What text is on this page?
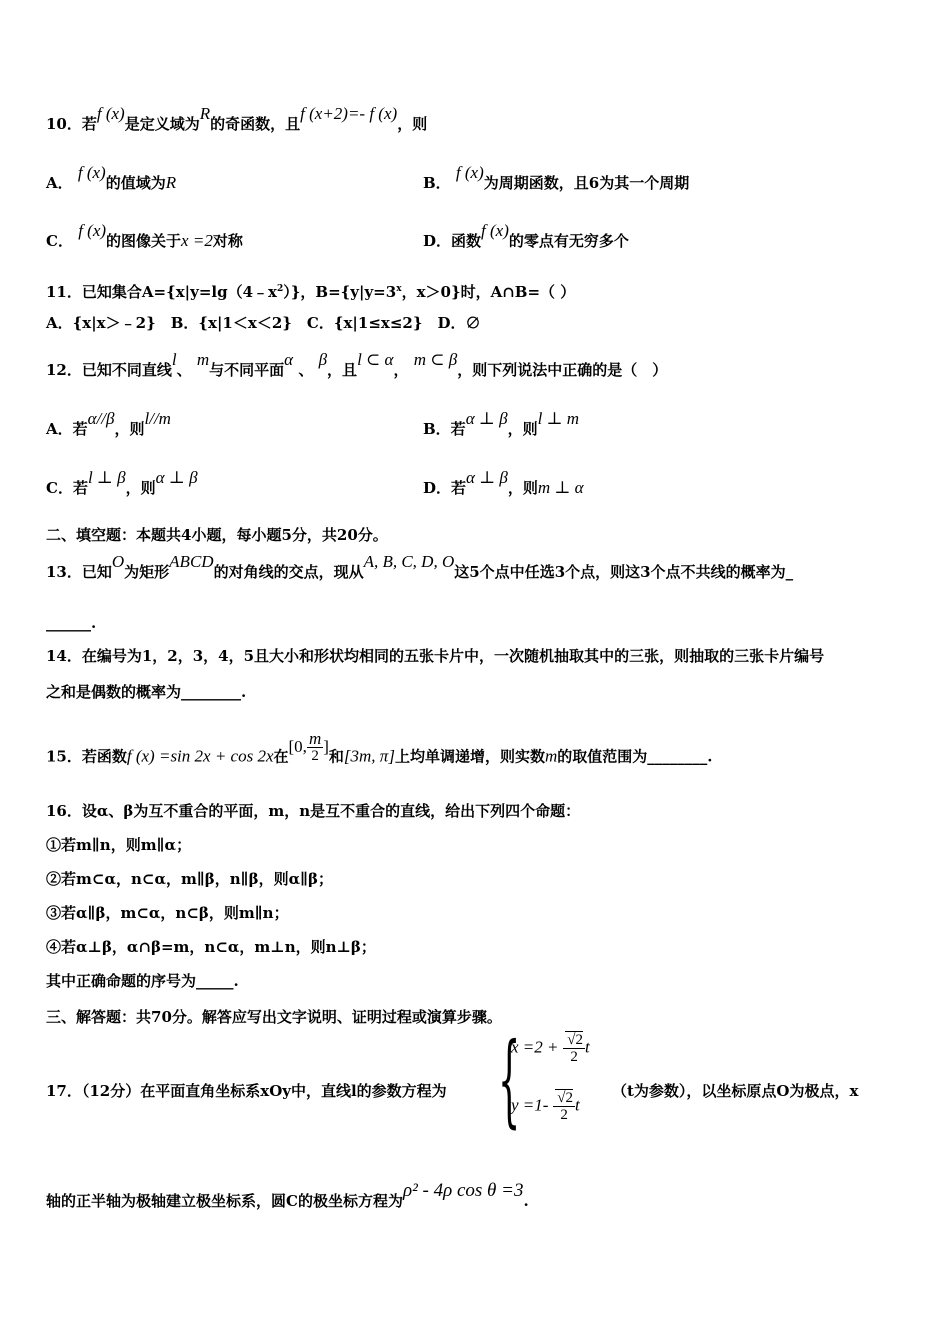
10．若f (x)是定义域为R的奇函数，且f (x+2)=- f (x)，则
A． f (x)的值域为R	B． f (x)为周期函数，且6为其一个周期
C． f (x)的图像关于x =2对称	D．函数f (x)的零点有无穷多个
11．已知集合$A=\{x|y=\lg(4﹣x^2)\}$，$B=\{y|y=3^x$，x＞0}时，A∩B=（ ）
A．{x|x＞﹣2}　B．{x|1＜x＜2}　C．{x|1≤x≤2}　D．∅
12．已知不同直线l、 m与不同平面α 、 β，且l ⊂ α， m ⊂ β，则下列说法中正确的是（　）
A．若α//β，则l//m
B．若α ⊥ β，则l ⊥ m
C．若l ⊥ β，则α ⊥ β
D．若α ⊥ β，则m ⊥ α
二、填空题：本题共4小题，每小题5分，共20分。
13．已知O为矩形ABCD的对角线的交点，现从A, B, C, D, O这5个点中任选3个点，则这3个点不共线的概率为_
______.
14．在编号为1，2，3，4，5且大小和形状均相同的五张卡片中，一次随机抽取其中的三张，则抽取的三张卡片编号
之和是偶数的概率为________.
15．若函数f (x) =sin 2x + cos 2x在[0, $\frac{m}{2}$ ]和[3m, π]上均单调递增，则实数m的取值范围为________.
16．设α、β为互不重合的平面，m，n是互不重合的直线，给出下列四个命题：
①若m∥n，则m∥α；
②若m⊂α，n⊂α，m∥β，n∥β，则α∥β；
③若α∥β，m⊂α，n⊂β，则m∥n；
④若α⊥β，α∩β=m，n⊂α，m⊥n，则n⊥β；
其中正确命题的序号为_____.
三、解答题：共70分。解答应写出文字说明、证明过程或演算步骤。
17．（12分）在平面直角坐标系xOy中，直线l的参数方程为 {
$x =2 + \frac{√2}{2}$ t
$y =1- \frac{√2}{2}$ t
（t为参数），以坐标原点O为极点，x
轴的正半轴为极轴建立极坐标系，圆C的极坐标方程为ρ² - 4ρ cos θ =3.
